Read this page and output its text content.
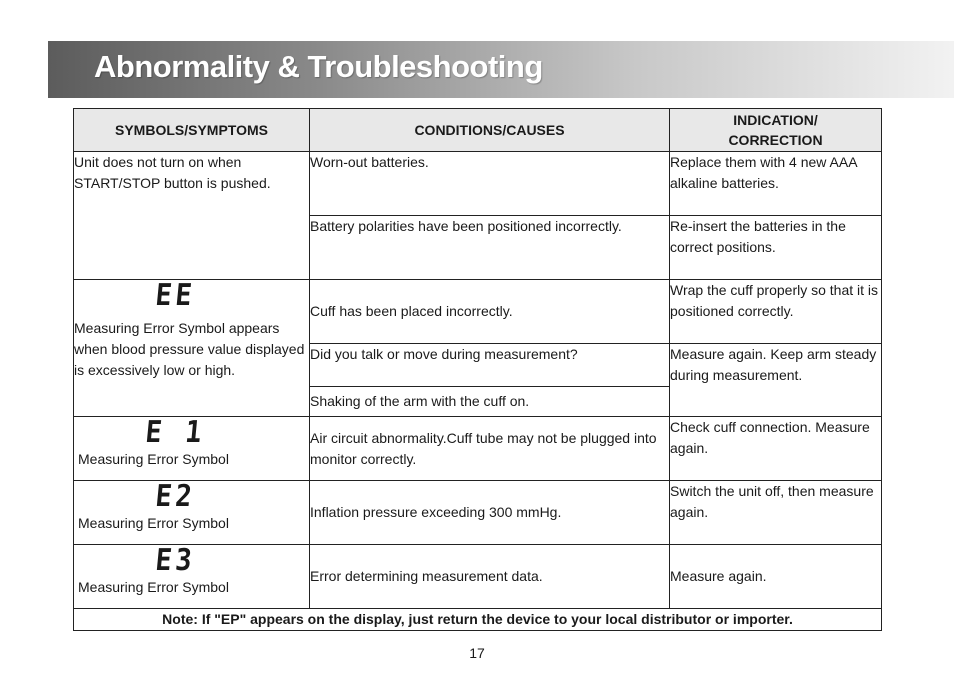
Abnormality & Troubleshooting
SYMBOLS/SYMPTOMS	CONDITIONS/CAUSES	INDICATION/
CORRECTION
Unit does not turn on when START/STOP button is pushed.	Worn-out batteries.	Replace them with 4 new AAA alkaline batteries.
	Battery polarities have been positioned incorrectly.	Re-insert the batteries in the correct positions.

EE
Measuring Error Symbol appears when blood pressure value displayed is excessively low or high.	Cuff has been placed incorrectly.	Wrap the cuff properly so that it is positioned correctly.
	Did you talk or move during measurement?	Measure again. Keep arm steady during measurement.
	Shaking of the arm with the cuff on.	

E 1
Measuring Error Symbol	Air circuit abnormality.Cuff tube may not be plugged into monitor correctly.	Check cuff connection. Measure again.

E2
Measuring Error Symbol	Inflation pressure exceeding 300 mmHg.	Switch the unit off, then measure again.

E3
Measuring Error Symbol	Error determining measurement data.	Measure again.
Note: If "EP" appears on the display, just return the device to your local distributor or importer.		
17
